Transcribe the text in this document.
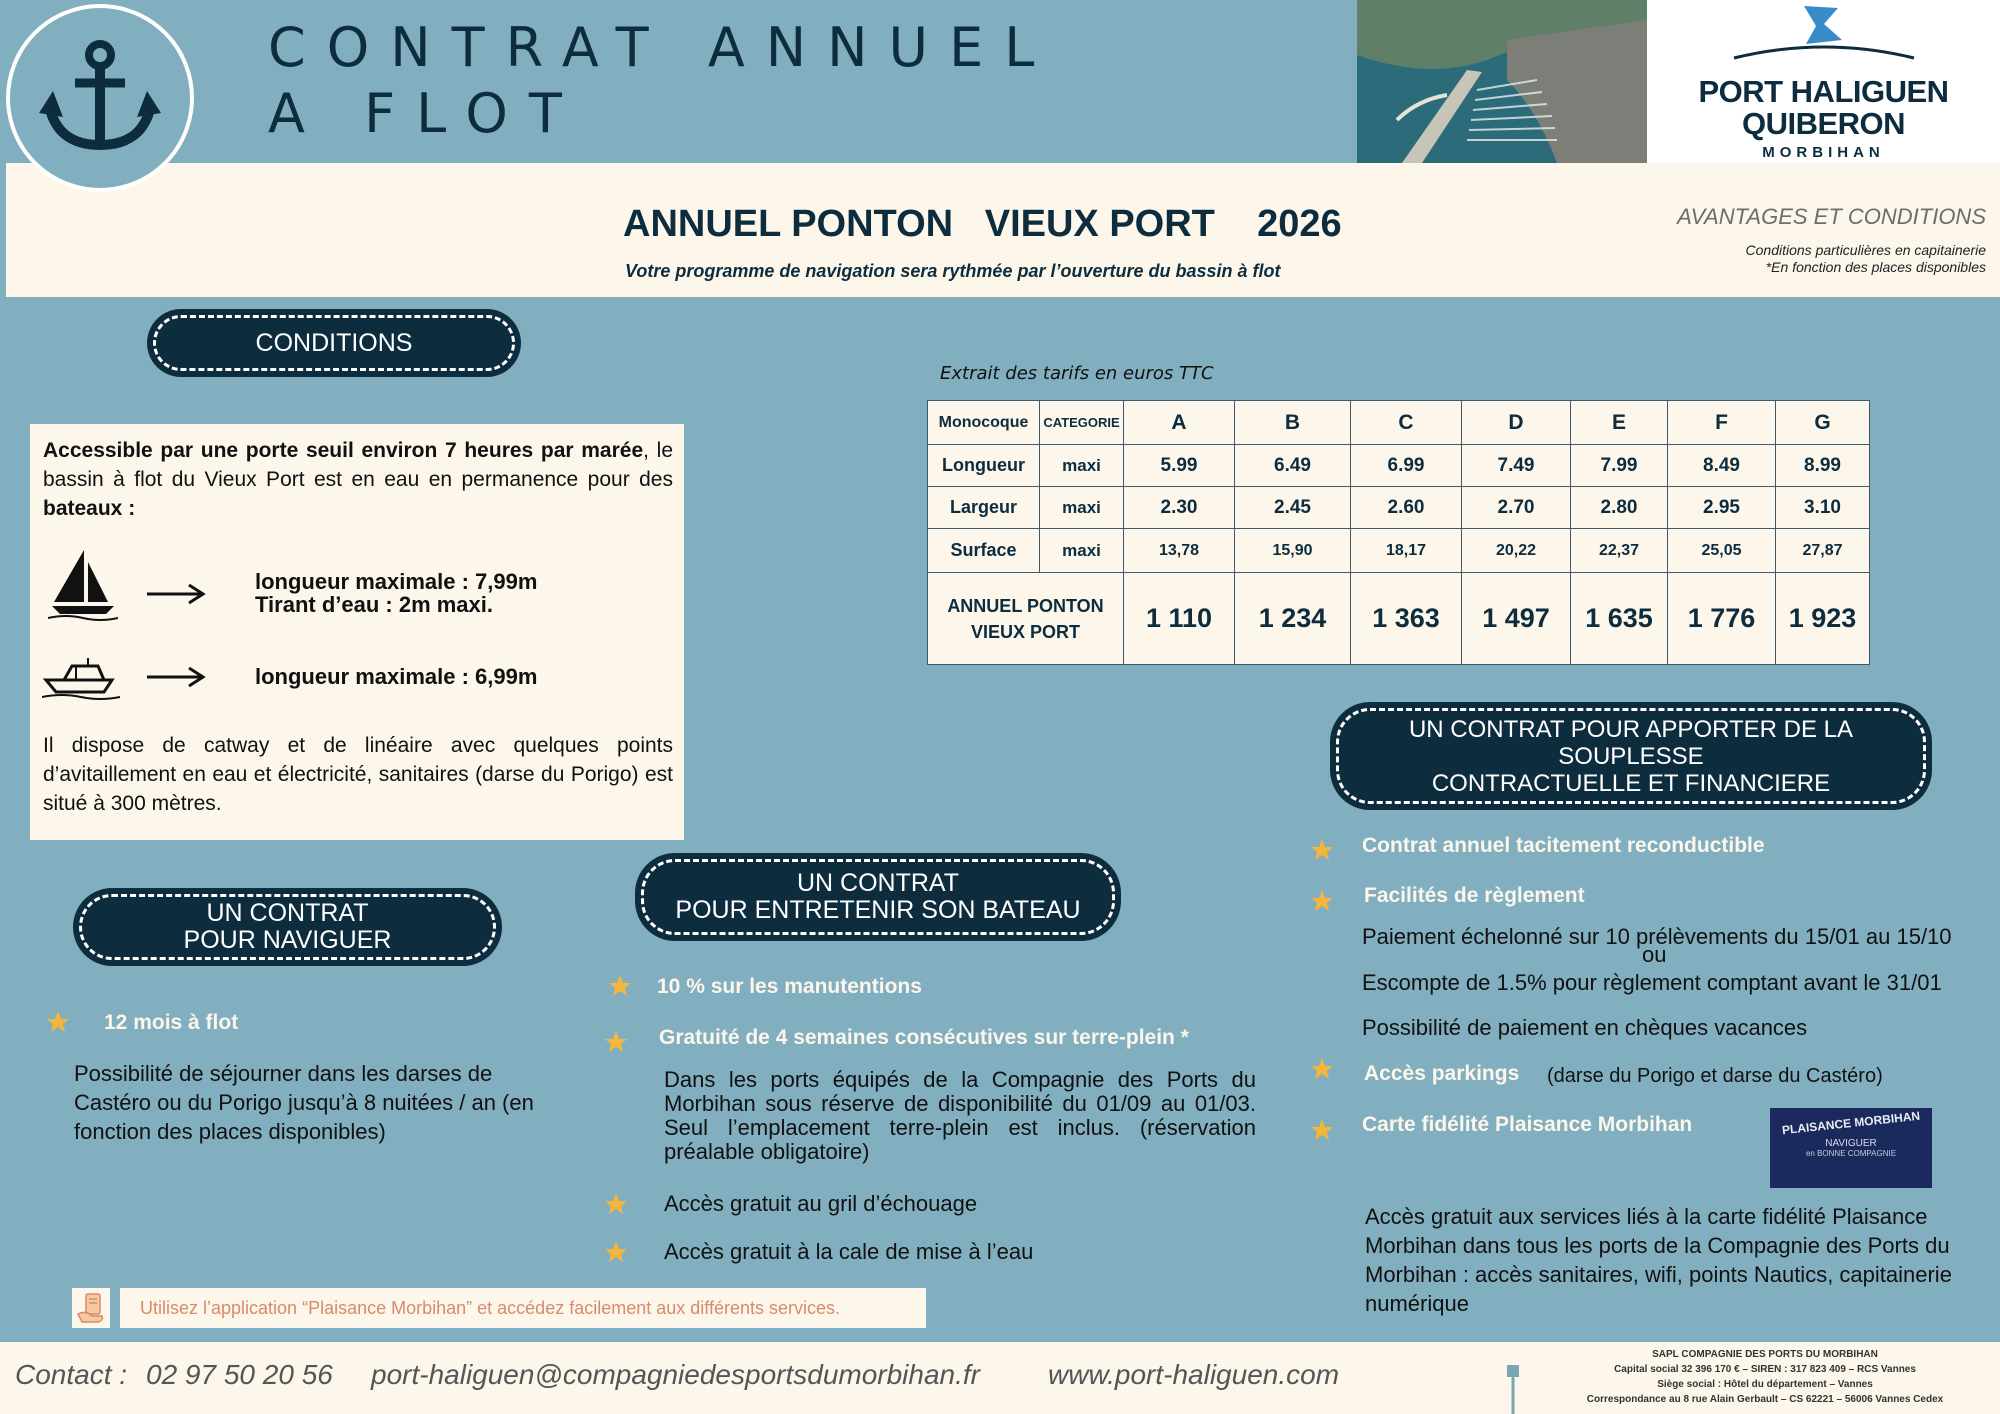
CONTRAT ANNUEL
A FLOT	PORT HALIGUEN
QUIBERON
MORBIHAN
ANNUEL PONTON   VIEUX PORT    2026
Votre programme de navigation sera rythmée par l’ouverture du bassin à flot
AVANTAGES ET CONDITIONS
Conditions particulières en capitainerie
*En fonction des places disponibles
CONDITIONS
Accessible par une porte seuil environ 7 heures par marée, le bassin à flot du Vieux Port est en eau en permanence pour des bateaux :
longueur maximale : 7,99m
Tirant d’eau : 2m maxi.
longueur maximale : 6,99m
Il dispose de catway et de linéaire avec quelques points d’avitaillement en eau et électricité, sanitaires (darse du Porigo) est situé à 300 mètres.
Extrait des tarifs en euros TTC
Monocoque	CATEGORIE	A	B	C	D	E	F	G
Longueur	maxi	5.99	6.49	6.99	7.49	7.99	8.49	8.99
Largeur	maxi	2.30	2.45	2.60	2.70	2.80	2.95	3.10
Surface	maxi	13,78	15,90	18,17	20,22	22,37	25,05	27,87

ANNUEL PONTON
VIEUX PORT		1 110	1 234	1 363	1 497	1 635	1 776	1 923
UN CONTRAT
POUR NAVIGUER
12 mois à flot
Possibilité de séjourner dans les darses de Castéro ou du Porigo jusqu’à 8 nuitées / an (en fonction des places disponibles)
UN CONTRAT
POUR ENTRETENIR SON BATEAU
10 % sur les manutentions
Gratuité de 4 semaines consécutives sur terre-plein *
Dans les ports équipés de la Compagnie des Ports du Morbihan sous réserve de disponibilité du 01/09 au 01/03. Seul l’emplacement terre-plein est inclus. (réservation préalable obligatoire)
Accès gratuit au gril d’échouage
Accès gratuit à la cale de mise à l’eau
UN CONTRAT POUR APPORTER DE LA SOUPLESSE
CONTRACTUELLE ET FINANCIERE
Contrat annuel tacitement reconductible
Facilités de règlement
Paiement échelonné sur 10 prélèvements du 15/01 au 15/10
ou
Escompte de 1.5% pour règlement comptant avant le 31/01
Possibilité de paiement en chèques vacances
Accès parkings (darse du Porigo et darse du Castéro)
Carte fidélité Plaisance Morbihan	PLAISANCE MORBIHAN
NAVIGUER
en BONNE COMPAGNIE
Accès gratuit aux services liés à la carte fidélité Plaisance Morbihan dans tous les ports de la Compagnie des Ports du Morbihan : accès sanitaires, wifi, points Nautics, capitainerie numérique
Utilisez l’application “Plaisance Morbihan” et accédez facilement aux différents services.
Contact : 02 97 50 20 56 port-haliguen@compagniedesportsdumorbihan.fr www.port-haliguen.com
SAPL COMPAGNIE DES PORTS DU MORBIHAN
Capital social 32 396 170 € – SIREN : 317 823 409 – RCS Vannes
Siège social : Hôtel du département – Vannes
Correspondance au 8 rue Alain Gerbault – CS 62221 – 56006 Vannes Cedex
